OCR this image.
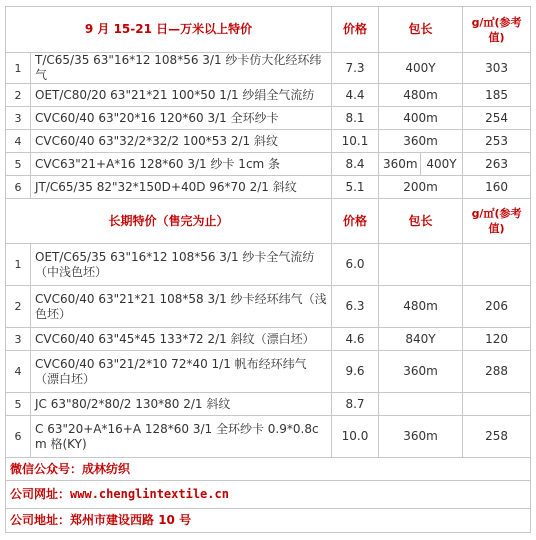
9 月 15-21 日—万米以上特价		价格	包长		g/㎡(参考值)
1	T/C65/35 63"16*12 108*56 3/1 纱卡仿大化经环纬气	7.3	400Y		303
2	OET/C80/20 63"21*21 100*50 1/1 纱绢全气流纺	4.4	480m		185
3	CVC60/40 63"20*16 120*60 3/1 全环纱卡	8.1	400m		254
4	CVC60/40 63"32/2*32/2 100*53 2/1 斜纹	10.1	360m		253
5	CVC63"21+A*16 128*60 3/1 纱卡 1cm 条	8.4	360m	400Y	263
6	JT/C65/35 82"32*150D+40D 96*70 2/1 斜纹	5.1	200m		160
长期特价（售完为止）		价格	包长		g/㎡(参考值)
1	OET/C65/35 63"16*12 108*56 3/1 纱卡全气流纺（中浅色坯）	6.0			
2	CVC60/40 63"21*21 108*58 3/1 纱卡经环纬气（浅色坯）	6.3	480m		206
3	CVC60/40 63"45*45 133*72 2/1 斜纹（漂白坯）	4.6	840Y		120
4	CVC60/40 63"21/2*10 72*40 1/1 帆布经环纬气（漂白坯）	9.6	360m		288
5	JC 63"80/2*80/2 130*80 2/1 斜纹	8.7			
6	C 63"20+A*16+A 128*60 3/1 全环纱卡 0.9*0.8cm 格(KY)	10.0	360m		258
微信公众号：成林纺织					
公司网址：www.chenglintextile.cn					
公司地址：郑州市建设西路 10 号					
